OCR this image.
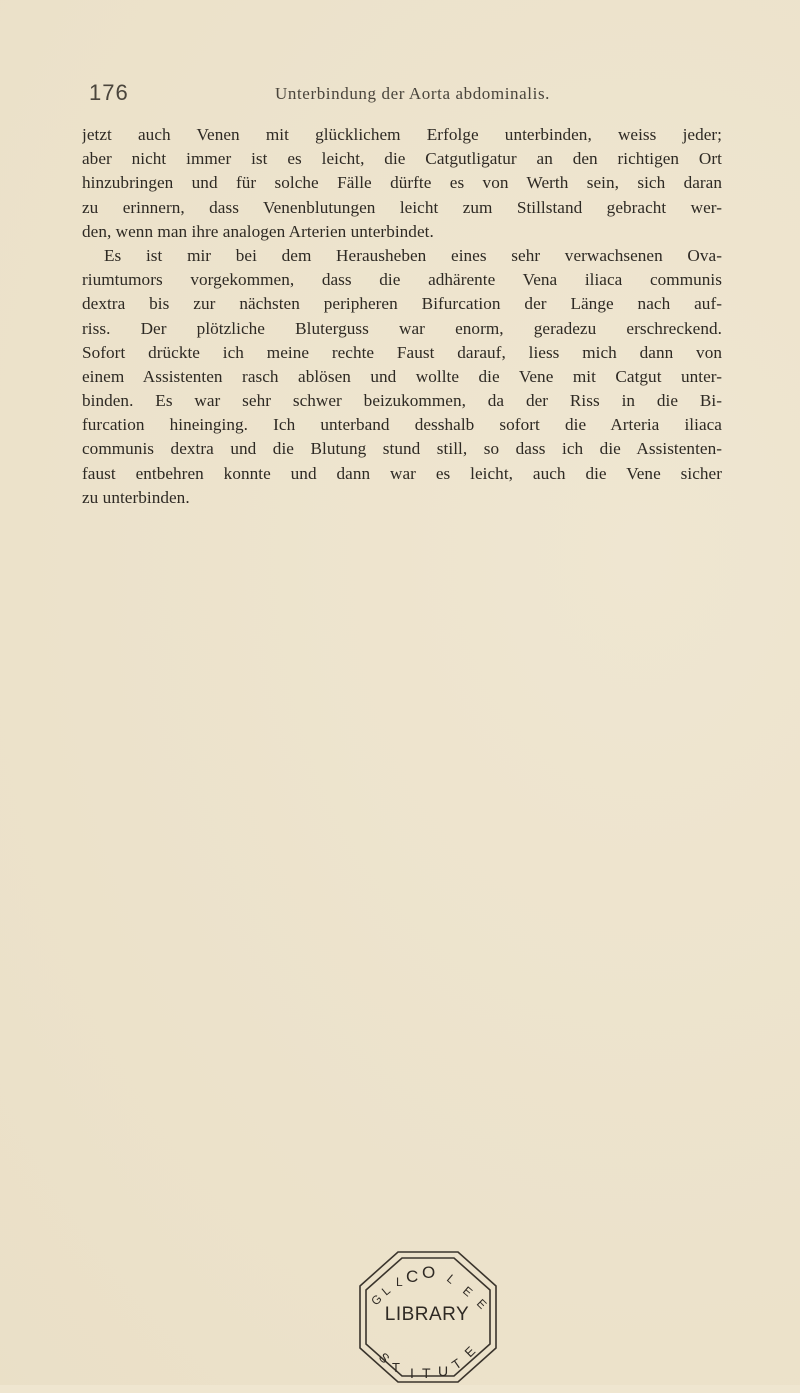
176	Unterbindung der Aorta abdominalis.
jetzt auch Venen mit glücklichem Erfolge unterbinden, weiss jeder;
aber nicht immer ist es leicht, die Catgutligatur an den richtigen Ort
hinzubringen und für solche Fälle dürfte es von Werth sein, sich daran
zu erinnern, dass Venenblutungen leicht zum Stillstand gebracht wer-
den, wenn man ihre analogen Arterien unterbindet.
Es ist mir bei dem Herausheben eines sehr verwachsenen Ova-
riumtumors vorgekommen, dass die adhärente Vena iliaca communis
dextra bis zur nächsten peripheren Bifurcation der Länge nach auf-
riss. Der plötzliche Bluterguss war enorm, geradezu erschreckend.
Sofort drückte ich meine rechte Faust darauf, liess mich dann von
einem Assistenten rasch ablösen und wollte die Vene mit Catgut unter-
binden. Es war sehr schwer beizukommen, da der Riss in die Bi-
furcation hineinging. Ich unterband desshalb sofort die Arteria iliaca
communis dextra und die Blutung stund still, so dass ich die Assistenten-
faust entbehren konnte und dann war es leicht, auch die Vene sicher
zu unterbinden.
C O
L
L
L
E
G	E
S
T I T U T
E
LIBRARY
